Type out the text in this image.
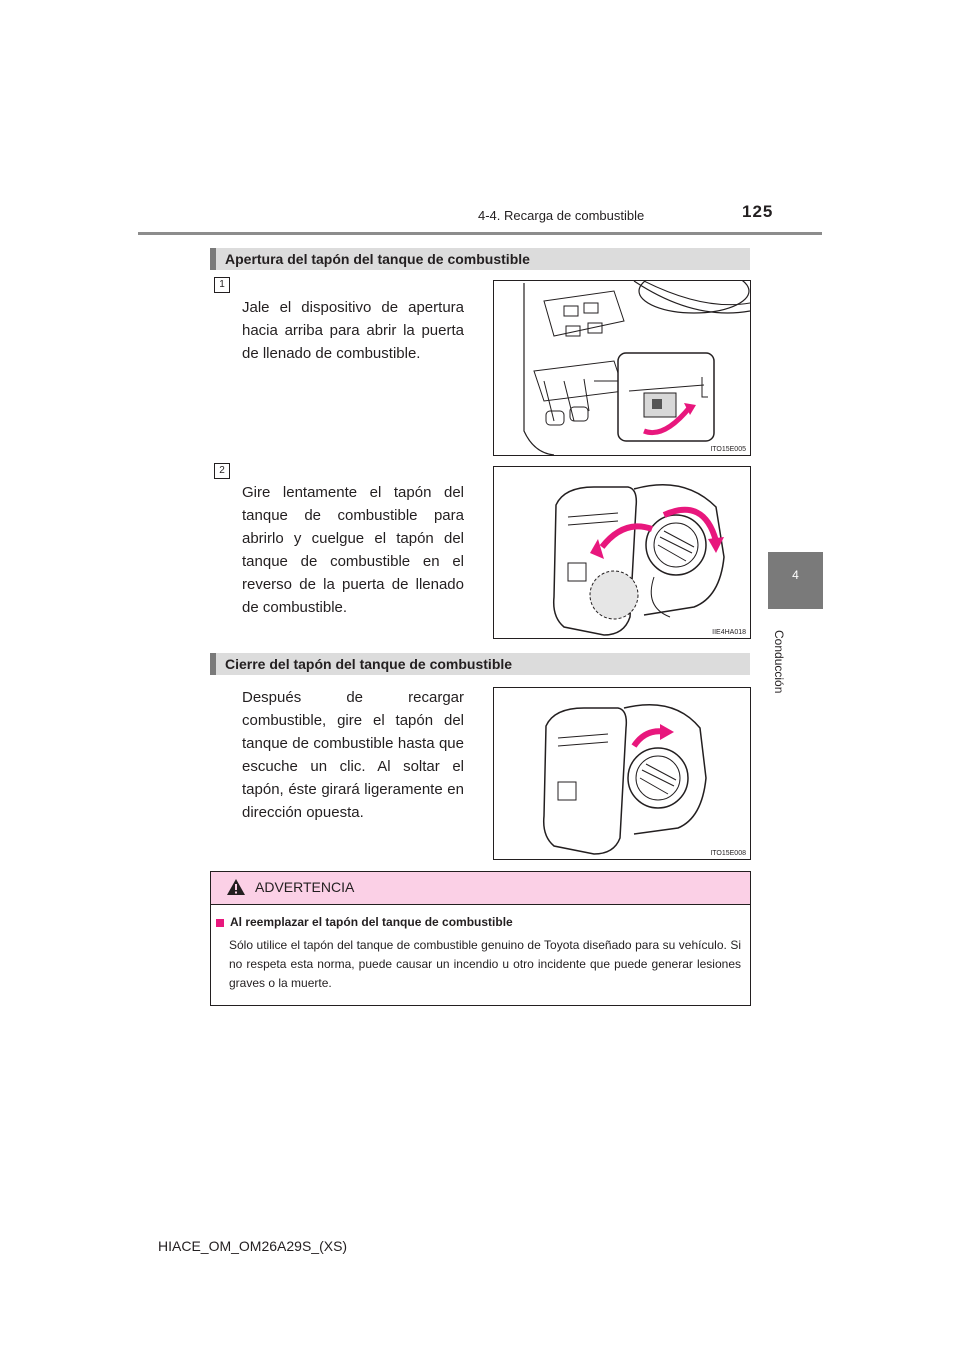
4-4. Recarga de combustible	125
4
Conducción
Apertura del tapón del tanque de combustible
1
Jale el dispositivo de apertura hacia arriba para abrir la puerta de llenado de combustible.
ITO15E005
2
Gire lentamente el tapón del tanque de combustible para abrirlo y cuelgue el tapón del tanque de combustible en el reverso de la puerta de llenado de combustible.
IIE4HA018
Cierre del tapón del tanque de combustible
Después de recargar combustible, gire el tapón del tanque de combustible hasta que escuche un clic. Al soltar el tapón, éste girará ligeramente en dirección opuesta.
ITO15E008
ADVERTENCIA
Al reemplazar el tapón del tanque de combustible
Sólo utilice el tapón del tanque de combustible genuino de Toyota diseñado para su vehículo. Si no respeta esta norma, puede causar un incendio u otro incidente que puede generar lesiones graves o la muerte.
HIACE_OM_OM26A29S_(XS)
